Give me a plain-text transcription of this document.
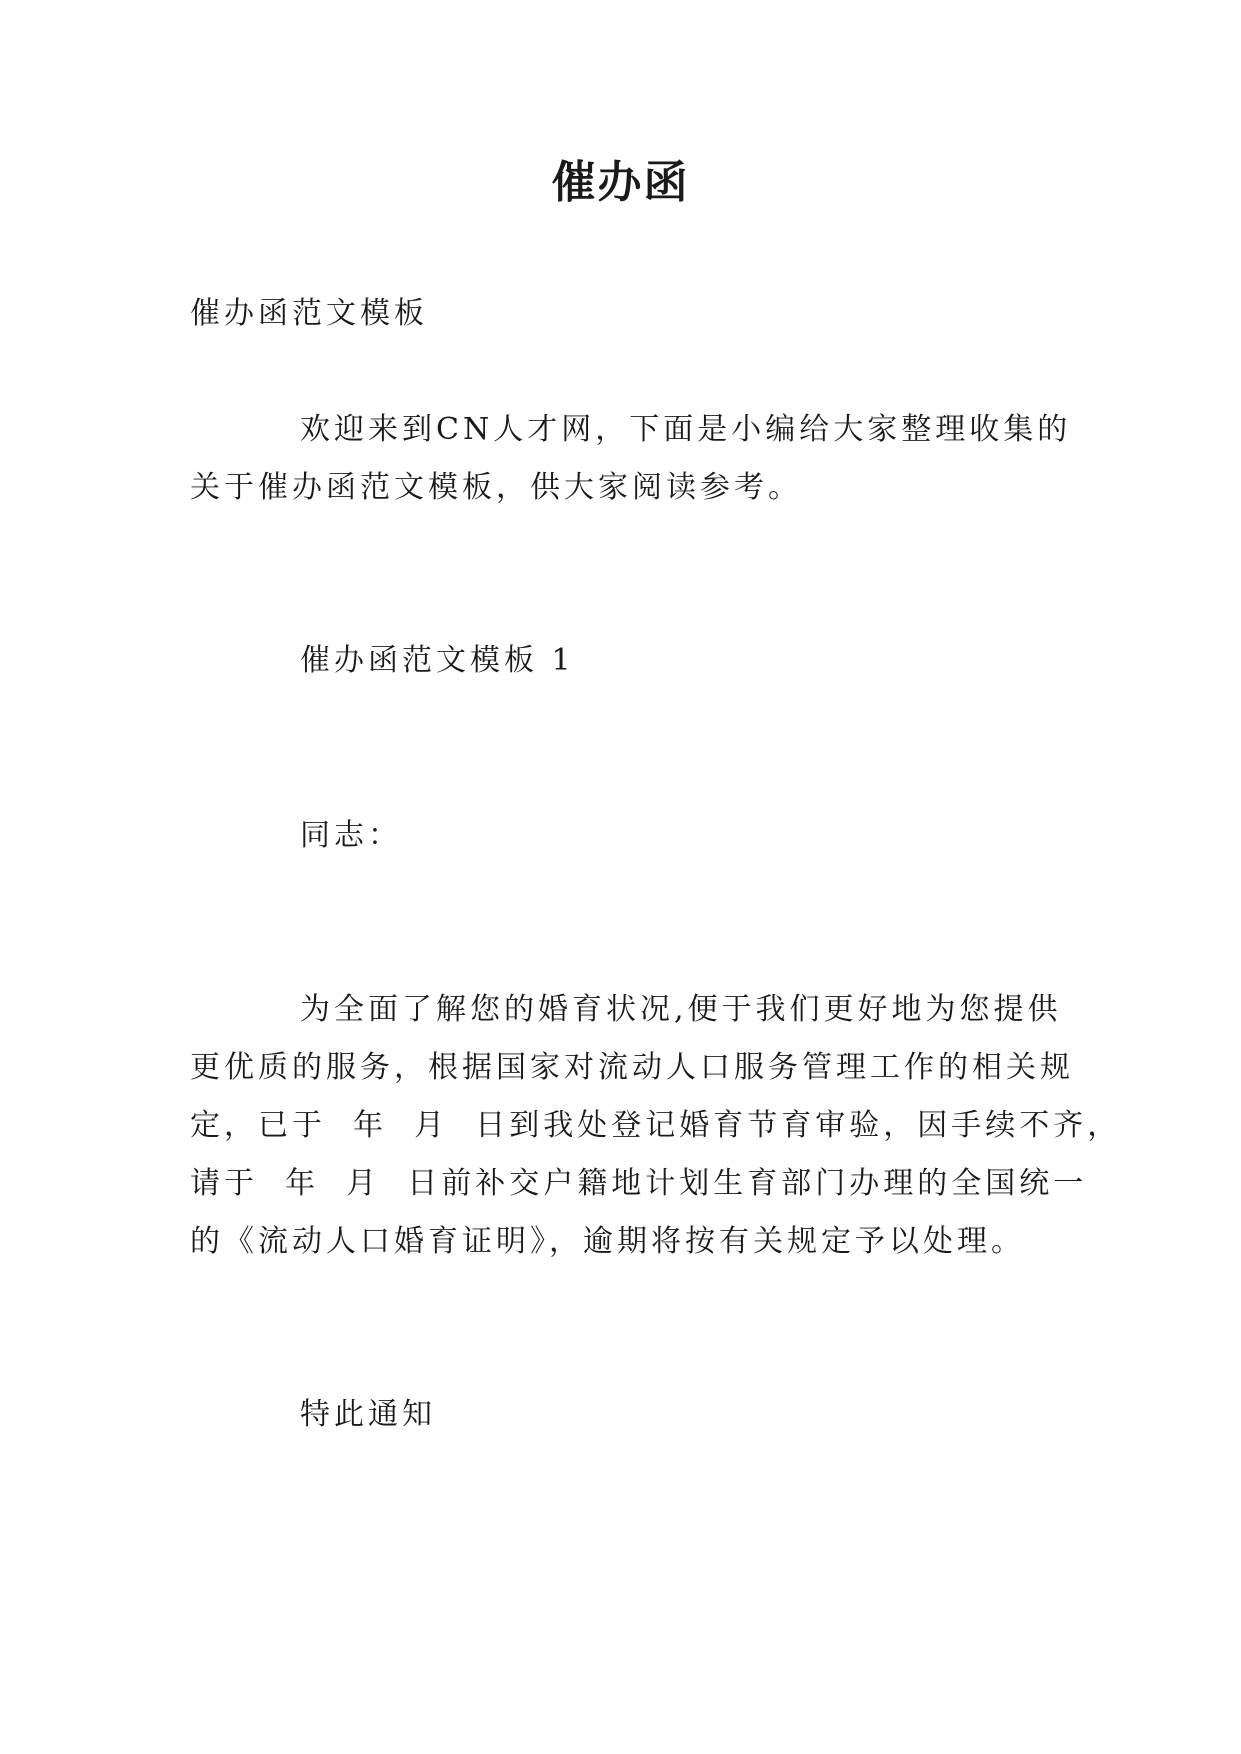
催办函
催办函范文模板
欢迎来到CN人才网，下面是小编给大家整理收集的
关于催办函范文模板，供大家阅读参考。
催办函范文模板 1
同志：
为全面了解您的婚育状况,便于我们更好地为您提供
更优质的服务，根据国家对流动人口服务管理工作的相关规
定，已于  年  月  日到我处登记婚育节育审验，因手续不齐，
请于  年  月  日前补交户籍地计划生育部门办理的全国统一
的《流动人口婚育证明》，逾期将按有关规定予以处理。
特此通知
